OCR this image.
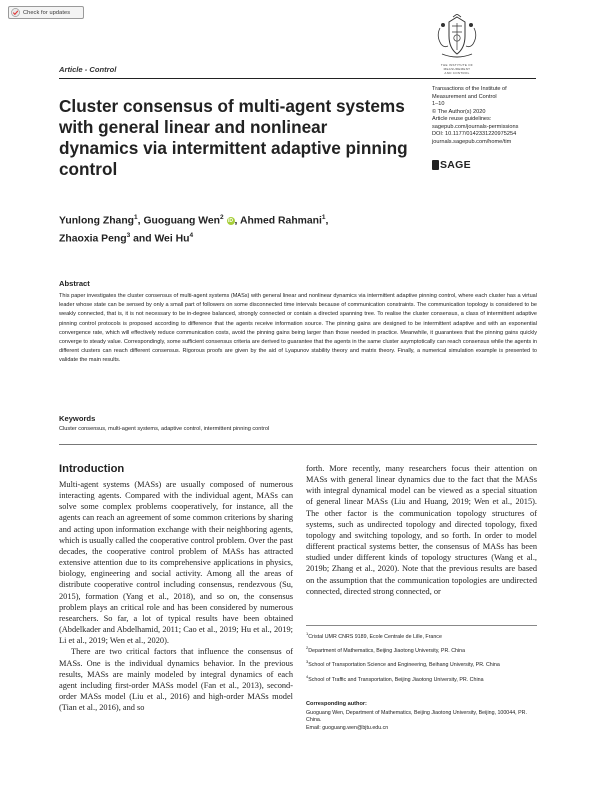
Check for updates
THE INSTITUTE OF
MEASUREMENT
AND CONTROL
Article - Control
Cluster consensus of multi-agent systems with general linear and nonlinear dynamics via intermittent adaptive pinning control
Transactions of the Institute of
Measurement and Control
1–10
© The Author(s) 2020
Article reuse guidelines:
sagepub.com/journals-permissions
DOI: 10.1177/0142331220975254
journals.sagepub.com/home/tim
SAGE
Yunlong Zhang$^1$, Guoguang Wen$^2$ iD , Ahmed Rahmani$^1$,
Zhaoxia Peng$^3$ and Wei Hu$^4$
Abstract

This paper investigates the cluster consensus of multi-agent systems (MASs) with general linear and nonlinear dynamics via intermittent adaptive pinning control, where each cluster has a virtual leader whose state can be sensed by only a small part of followers on some disconnected time intervals because of communication constraints. The communication topology is considered to be weakly connected, that is, it is not necessary to be in-degree balanced, strongly connected or contain a directed spanning tree. To realise the cluster consensus, a class of intermittent adaptive pinning control protocols is proposed according to difference that the agents receive information source. The pinning gains are designed to be intermittent adaptive and with an exponential convergence rate, which will effectively reduce communication costs, avoid the pinning gains being larger than those needed in practice. Meanwhile, it guarantees that the pinning gains quickly converge to steady value. Correspondingly, some sufficient consensus criteria are derived to guarantee that the agents in the same cluster asymptotically can reach consensus while the agents in different clusters can reach different consensus. Rigorous proofs are given by the aid of Lyapunov stability theory and matrix theory. Finally, a numerical simulation example is presented to validate the main results.

Keywords
Cluster consensus, multi-agent systems, adaptive control, intermittent pinning control
Introduction

Multi-agent systems (MASs) are usually composed of numerous interacting agents. Compared with the individual agent, MASs can solve some complex problems cooperatively, for instance, all the agents can reach an agreement of some common criterions by sharing and acting upon information exchange with their neighboring agents, which is usually called the cooperative control problem. Over the past decades, the cooperative control problem of MASs has attracted extensive attention due to its comprehensive applications in physics, biology, engineering and social activity. Among all the areas of distribute cooperative control including consensus, rendezvous (Su, 2015), formation (Yang et al., 2018), and so on, the consensus problem plays an critical role and has been considered by numerous researchers. So far, a lot of typical results have been obtained (Abdelkader and Abdelhamid, 2011; Cao et al., 2019; Hu et al., 2019; Li et al., 2019; Wen et al., 2020).

There are two critical factors that influence the consensus of MASs. One is the individual dynamics behavior. In the previous results, MASs are mainly modeled by integral dynamics of each agent including first-order MASs model (Fan et al., 2013), second-order MASs model (Liu et al., 2016) and high-order MASs model (Tian et al., 2016), and so

forth. More recently, many researchers focus their attention on MASs with general linear dynamics due to the fact that the MASs with integral dynamical model can be viewed as a special situation of general linear MASs (Liu and Huang, 2019; Wen et al., 2015). The other factor is the communication topology structures of systems, such as undirected topology and directed topology, fixed topology and switching topology, and so forth. In order to model different practical systems better, the consensus of MASs has been studied under different kinds of topology structures (Wang et al., 2019b; Zhang et al., 2020). Note that the previous results are based on the assumption that the communication topologies are undirected connected, directed strong connected, or

$^1$Cristal UMR CNRS 9189, Ecole Centrale de Lille, France
$^2$Department of Mathematics, Beijing Jiaotong University, PR. China
$^3$School of Transportation Science and Engineering, Beihang University, PR. China
$^4$School of Traffic and Transportation, Beijing Jiaotong University, PR. China
Corresponding author:
Guoguang Wen, Department of Mathematics, Beijing Jiaotong University, Beijing, 100044, PR. China.
Email: guoguang.wen@bjtu.edu.cn
